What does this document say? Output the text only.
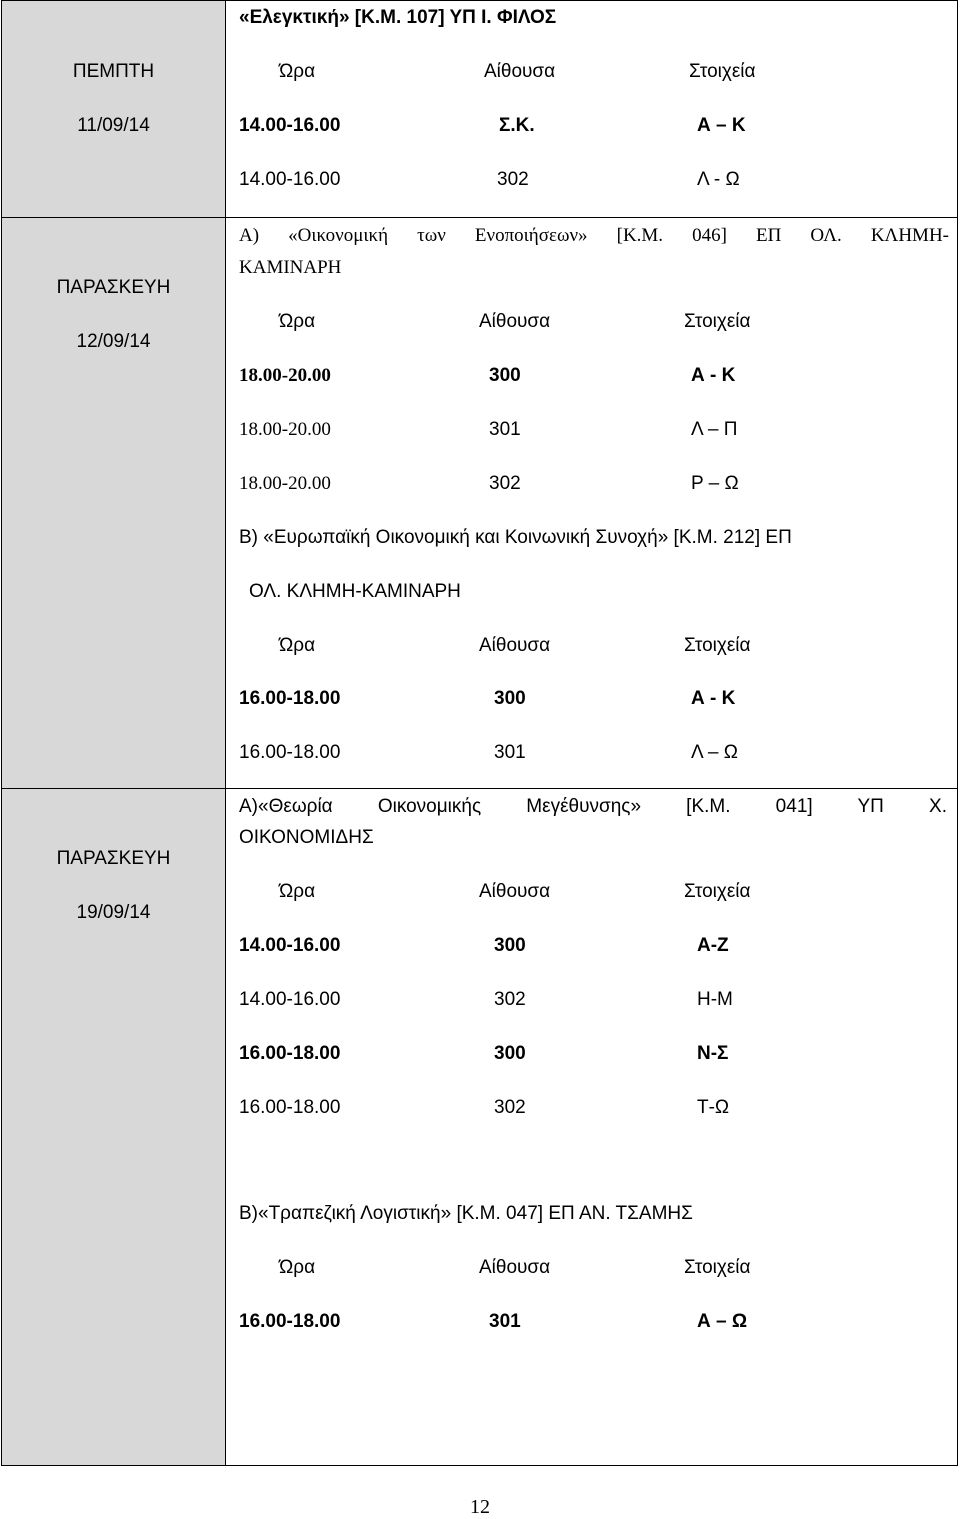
ΠΕΜΠΤΗ
11/09/14
«Ελεγκτική» [Κ.Μ. 107] ΥΠ Ι. ΦΙΛΟΣ
Ώρα	Αίθουσα	Στοιχεία
14.00-16.00	Σ.Κ.	Α – Κ
14.00-16.00	302	Λ - Ω
ΠΑΡΑΣΚΕΥΗ
12/09/14
Α) «Οικονομική των Ενοποιήσεων» [Κ.Μ. 046] ΕΠ ΟΛ. ΚΛΗΜΗ-
ΚΑΜΙΝΑΡΗ
Ώρα	Αίθουσα	Στοιχεία
18.00-20.00	300	Α - Κ
18.00-20.00	301	Λ – Π
18.00-20.00	302	Ρ – Ω
Β) «Ευρωπαϊκή Οικονομική και Κοινωνική Συνοχή» [Κ.Μ. 212] ΕΠ
ΟΛ. ΚΛΗΜΗ-ΚΑΜΙΝΑΡΗ
Ώρα	Αίθουσα	Στοιχεία
16.00-18.00	300	Α - Κ
16.00-18.00	301	Λ – Ω
ΠΑΡΑΣΚΕΥΗ
19/09/14
Α)«Θεωρία Οικονομικής Μεγέθυνσης» [Κ.Μ. 041] ΥΠ Χ.
ΟΙΚΟΝΟΜΙΔΗΣ
Ώρα	Αίθουσα	Στοιχεία
14.00-16.00	300	Α-Ζ
14.00-16.00	302	Η-Μ
16.00-18.00	300	Ν-Σ
16.00-18.00	302	Τ-Ω
Β)«Τραπεζική Λογιστική» [Κ.Μ. 047] ΕΠ ΑΝ. ΤΣΑΜΗΣ
Ώρα	Αίθουσα	Στοιχεία
16.00-18.00	301	Α – Ω
12
